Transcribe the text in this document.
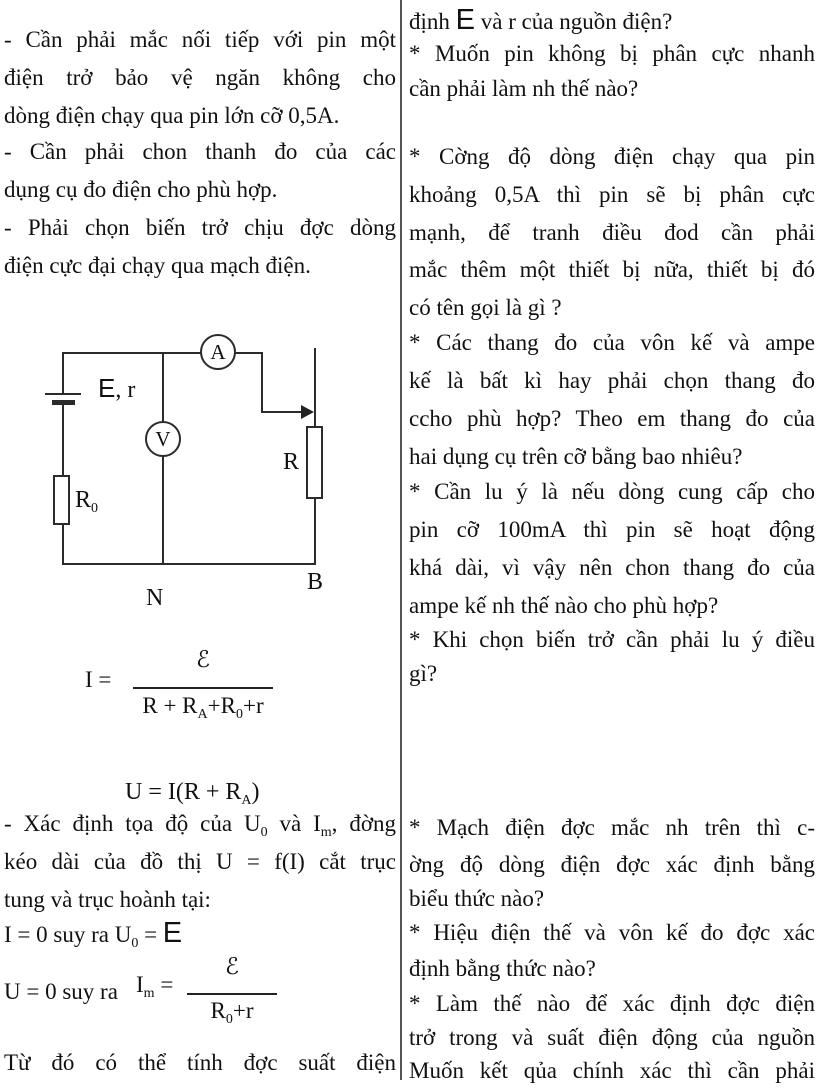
- Cần phải mắc nối tiếp với pin một
điện trở bảo vệ ngăn không cho
dòng điện chạy qua pin lớn cỡ 0,5A.
- Cần phải chon thanh đo của các
dụng cụ đo điện cho phù hợp.
- Phải chọn biến trở chịu đợc dòng
điện cực đại chạy qua mạch điện.
A
V
E, r
$R_0$
R
N
B
I =
ℰ
$R + R_A+R_0+r$
$U = I(R + R_A)$
- Xác định tọa độ của $U_0$ và $I_m$, đờng
kéo dài của đồ thị U = f(I) cắt trục
tung và trục hoành tại:
I = 0 suy ra $U_0 = E$
U = 0 suy ra $I_m$ =
ℰ
$R_0+r$
Từ đó có thể tính đợc suất điện
định E và r của nguồn điện?
* Muốn pin không bị phân cực nhanh
cần phải làm nh thế nào?
* Cờng độ dòng điện chạy qua pin
khoảng 0,5A thì pin sẽ bị phân cực
mạnh, để tranh điều đod cần phải
mắc thêm một thiết bị nữa, thiết bị đó
có tên gọi là gì ?
* Các thang đo của vôn kế và ampe
kế là bất kì hay phải chọn thang đo
ccho phù hợp? Theo em thang đo của
hai dụng cụ trên cỡ bằng bao nhiêu?
* Cần lu ý là nếu dòng cung cấp cho
pin cỡ 100mA thì pin sẽ hoạt động
khá dài, vì vậy nên chon thang đo của
ampe kế nh thế nào cho phù hợp?
* Khi chọn biến trở cần phải lu ý điều
gì?
* Mạch điện đợc mắc nh trên thì c-
ờng độ dòng điện đợc xác định bằng
biểu thức nào?
* Hiệu điện thế và vôn kế đo đợc xác
định bằng thức nào?
* Làm thế nào để xác định đợc điện
trở trong và suất điện động của nguồn
Muốn kết qủa chính xác thì cần phải
